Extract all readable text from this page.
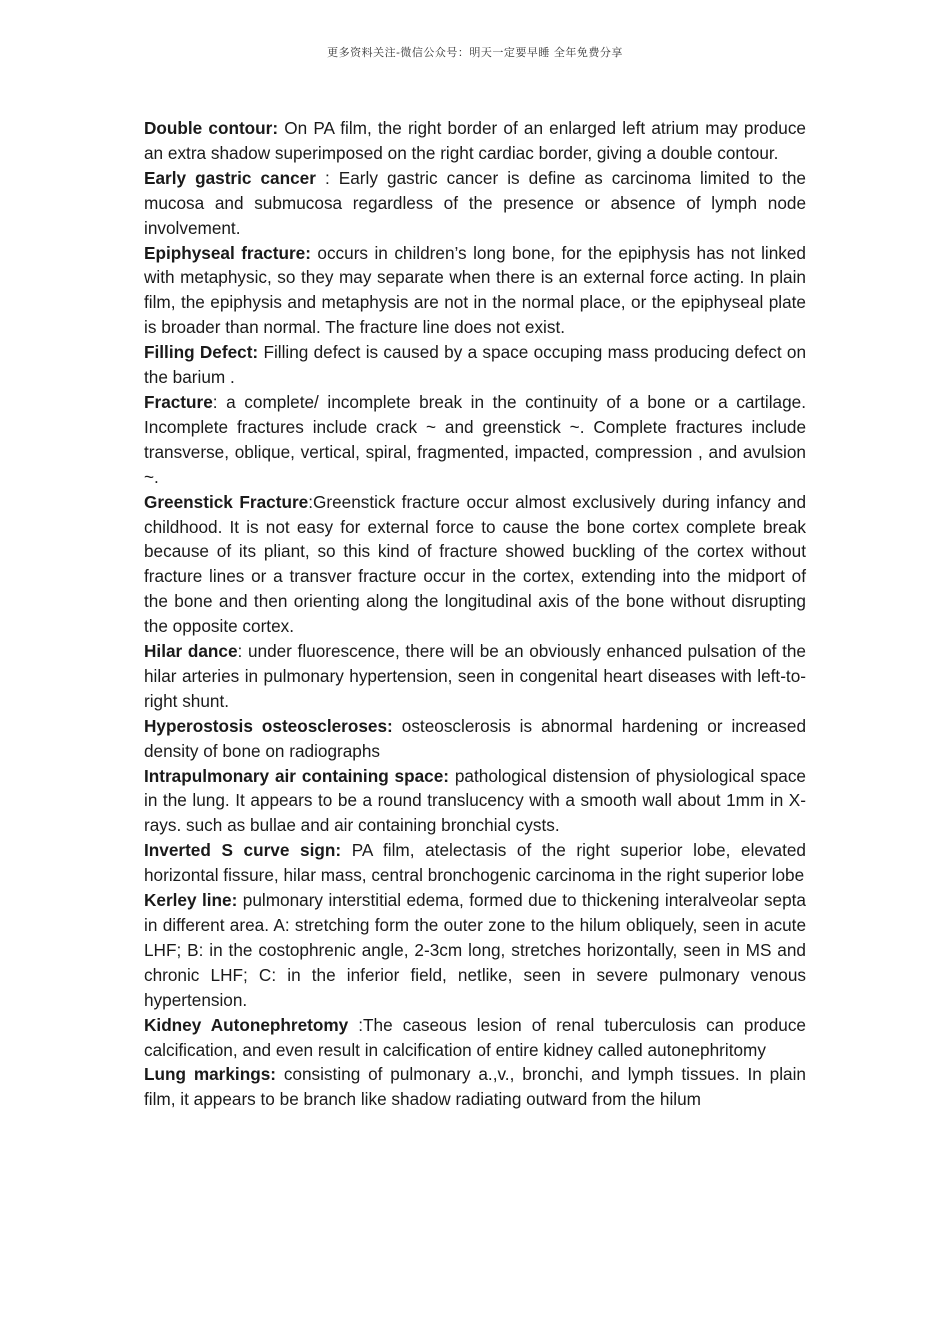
更多资料关注-微信公众号：明天一定要早睡 全年免费分享

Double contour: On PA film, the right border of an enlarged left atrium may produce an extra shadow superimposed on the right cardiac border, giving a double contour.

Early gastric cancer : Early gastric cancer is define as carcinoma limited to the mucosa and submucosa regardless of the presence or absence of lymph node involvement.

Epiphyseal fracture: occurs in children’s long bone, for the epiphysis has not linked with metaphysic, so they may separate when there is an external force acting. In plain film, the epiphysis and metaphysis are not in the normal place, or the epiphyseal plate is broader than normal. The fracture line does not exist.

Filling Defect: Filling defect is caused by a space occuping mass producing defect on the barium .

Fracture: a complete/ incomplete break in the continuity of a bone or a cartilage. Incomplete fractures include crack ~ and greenstick ~. Complete fractures include transverse, oblique, vertical, spiral, fragmented, impacted, compression , and avulsion ~.

Greenstick Fracture:Greenstick fracture occur almost exclusively during infancy and childhood. It is not easy for external force to cause the bone cortex complete break because of its pliant, so this kind of fracture showed buckling of the cortex without fracture lines or a transver fracture occur in the cortex, extending into the midport of the bone and then orienting along the longitudinal axis of the bone without disrupting the opposite cortex.

Hilar dance: under fluorescence, there will be an obviously enhanced pulsation of the hilar arteries in pulmonary hypertension, seen in congenital heart diseases with left-to-right shunt.

Hyperostosis osteoscleroses: osteosclerosis is abnormal hardening or increased density of bone on radiographs

Intrapulmonary air containing space: pathological distension of physiological space in the lung. It appears to be a round translucency with a smooth wall about 1mm in X-rays. such as bullae and air containing bronchial cysts.

Inverted S curve sign: PA film, atelectasis of the right superior lobe, elevated horizontal fissure, hilar mass, central bronchogenic carcinoma in the right superior lobe

Kerley line: pulmonary interstitial edema, formed due to thickening interalveolar septa in different area. A: stretching form the outer zone to the hilum obliquely, seen in acute LHF; B: in the costophrenic angle, 2-3cm long, stretches horizontally, seen in MS and chronic LHF; C: in the inferior field, netlike, seen in severe pulmonary venous hypertension.

Kidney Autonephretomy :The caseous lesion of renal tuberculosis can produce calcification, and even result in calcification of entire kidney called autonephritomy

Lung markings: consisting of pulmonary a.,v., bronchi, and lymph tissues. In plain film, it appears to be branch like shadow radiating outward from the hilum
